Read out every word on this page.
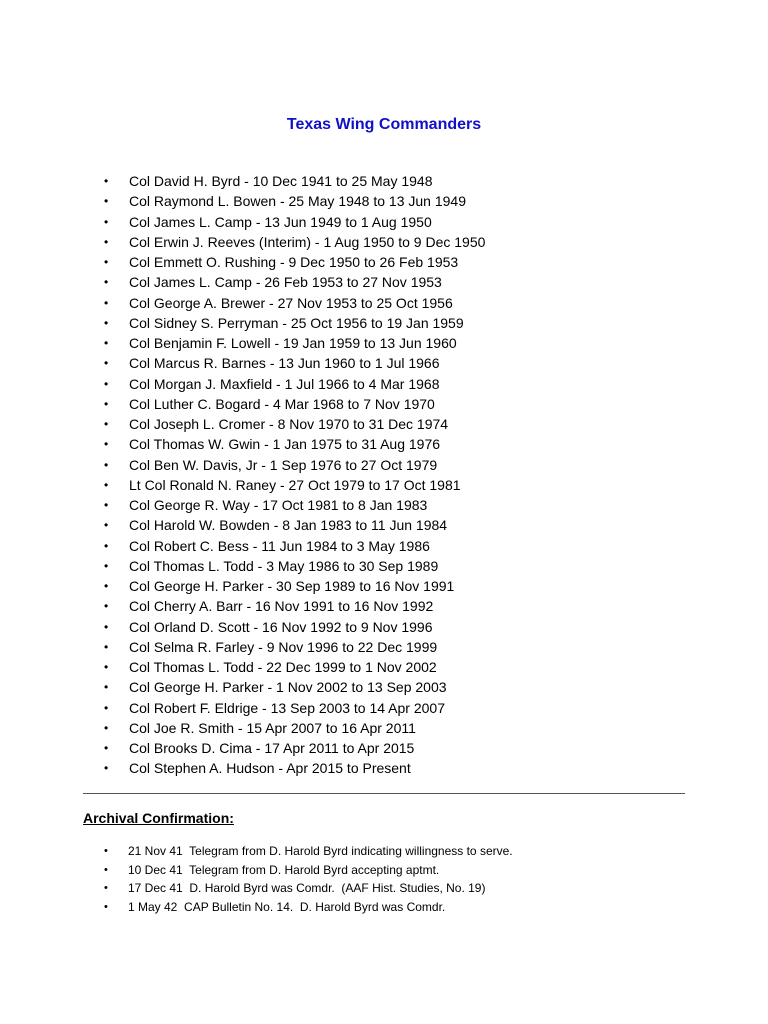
Texas Wing Commanders
• Col David H. Byrd - 10 Dec 1941 to 25 May 1948
• Col Raymond L. Bowen - 25 May 1948 to 13 Jun 1949
• Col James L. Camp - 13 Jun 1949 to 1 Aug 1950
• Col Erwin J. Reeves (Interim) - 1 Aug 1950 to 9 Dec 1950
• Col Emmett O. Rushing - 9 Dec 1950 to 26 Feb 1953
• Col James L. Camp - 26 Feb 1953 to 27 Nov 1953
• Col George A. Brewer - 27 Nov 1953 to 25 Oct 1956
• Col Sidney S. Perryman - 25 Oct 1956 to 19 Jan 1959
• Col Benjamin F. Lowell - 19 Jan 1959 to 13 Jun 1960
• Col Marcus R. Barnes - 13 Jun 1960 to 1 Jul 1966
• Col Morgan J. Maxfield - 1 Jul 1966 to 4 Mar 1968
• Col Luther C. Bogard - 4 Mar 1968 to 7 Nov 1970
• Col Joseph L. Cromer - 8 Nov 1970 to 31 Dec 1974
• Col Thomas W. Gwin - 1 Jan 1975 to 31 Aug 1976
• Col Ben W. Davis, Jr - 1 Sep 1976 to 27 Oct 1979
• Lt Col Ronald N. Raney - 27 Oct 1979 to 17 Oct 1981
• Col George R. Way - 17 Oct 1981 to 8 Jan 1983
• Col Harold W. Bowden - 8 Jan 1983 to 11 Jun 1984
• Col Robert C. Bess - 11 Jun 1984 to 3 May 1986
• Col Thomas L. Todd - 3 May 1986 to 30 Sep 1989
• Col George H. Parker - 30 Sep 1989 to 16 Nov 1991
• Col Cherry A. Barr - 16 Nov 1991 to 16 Nov 1992
• Col Orland D. Scott - 16 Nov 1992 to 9 Nov 1996
• Col Selma R. Farley - 9 Nov 1996 to 22 Dec 1999
• Col Thomas L. Todd - 22 Dec 1999 to 1 Nov 2002
• Col George H. Parker - 1 Nov 2002 to 13 Sep 2003
• Col Robert F. Eldrige - 13 Sep 2003 to 14 Apr 2007
• Col Joe R. Smith - 15 Apr 2007 to 16 Apr 2011
• Col Brooks D. Cima - 17 Apr 2011 to Apr 2015
• Col Stephen A. Hudson - Apr 2015 to Present
Archival Confirmation:
• 21 Nov 41  Telegram from D. Harold Byrd indicating willingness to serve.
• 10 Dec 41  Telegram from D. Harold Byrd accepting aptmt.
• 17 Dec 41  D. Harold Byrd was Comdr.  (AAF Hist. Studies, No. 19)
• 1 May 42  CAP Bulletin No. 14.  D. Harold Byrd was Comdr.
